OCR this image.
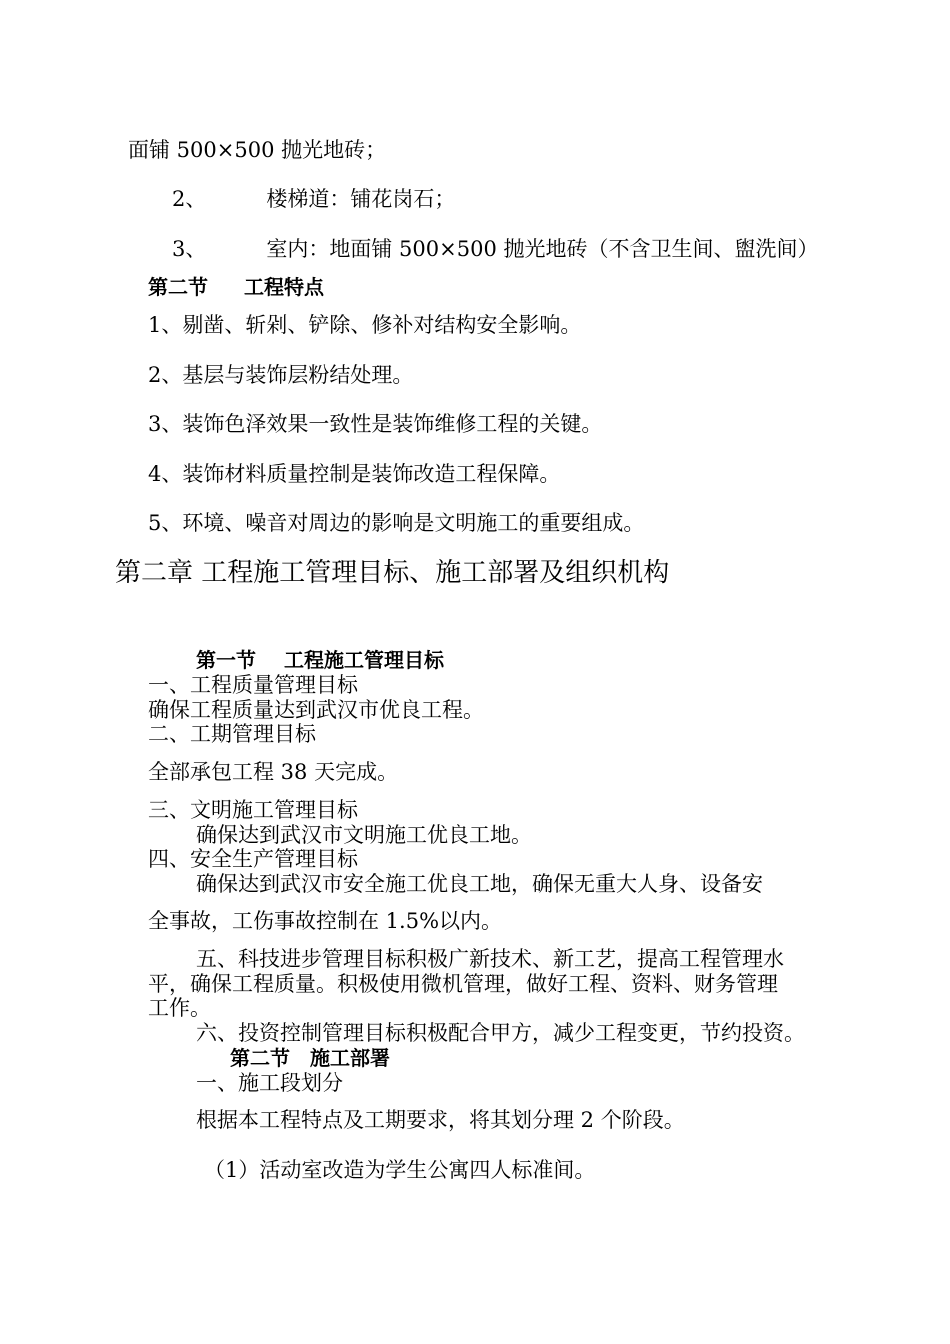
面铺 500×500 抛光地砖；
2、	楼梯道：铺花岗石；
3、	室内：地面铺 500×500 抛光地砖（不含卫生间、盥洗间）
第二节 工程特点
1、剔凿、斩剁、铲除、修补对结构安全影响。
2、基层与装饰层粉结处理。
3、装饰色泽效果一致性是装饰维修工程的关键。
4、装饰材料质量控制是装饰改造工程保障。
5、环境、噪音对周边的影响是文明施工的重要组成。
第二章 工程施工管理目标、施工部署及组织机构
第一节 工程施工管理目标
一、工程质量管理目标
确保工程质量达到武汉市优良工程。
二、工期管理目标
全部承包工程 38 天完成。
三、文明施工管理目标
确保达到武汉市文明施工优良工地。
四、安全生产管理目标
确保达到武汉市安全施工优良工地，确保无重大人身、设备安
全事故，工伤事故控制在 1.5%以内。
五、科技进步管理目标积极广新技术、新工艺，提高工程管理水
平，确保工程质量。积极使用微机管理，做好工程、资料、财务管理
工作。
六、投资控制管理目标积极配合甲方，减少工程变更，节约投资。
第二节 施工部署
一、施工段划分
根据本工程特点及工期要求，将其划分理 2 个阶段。
（1）活动室改造为学生公寓四人标准间。
